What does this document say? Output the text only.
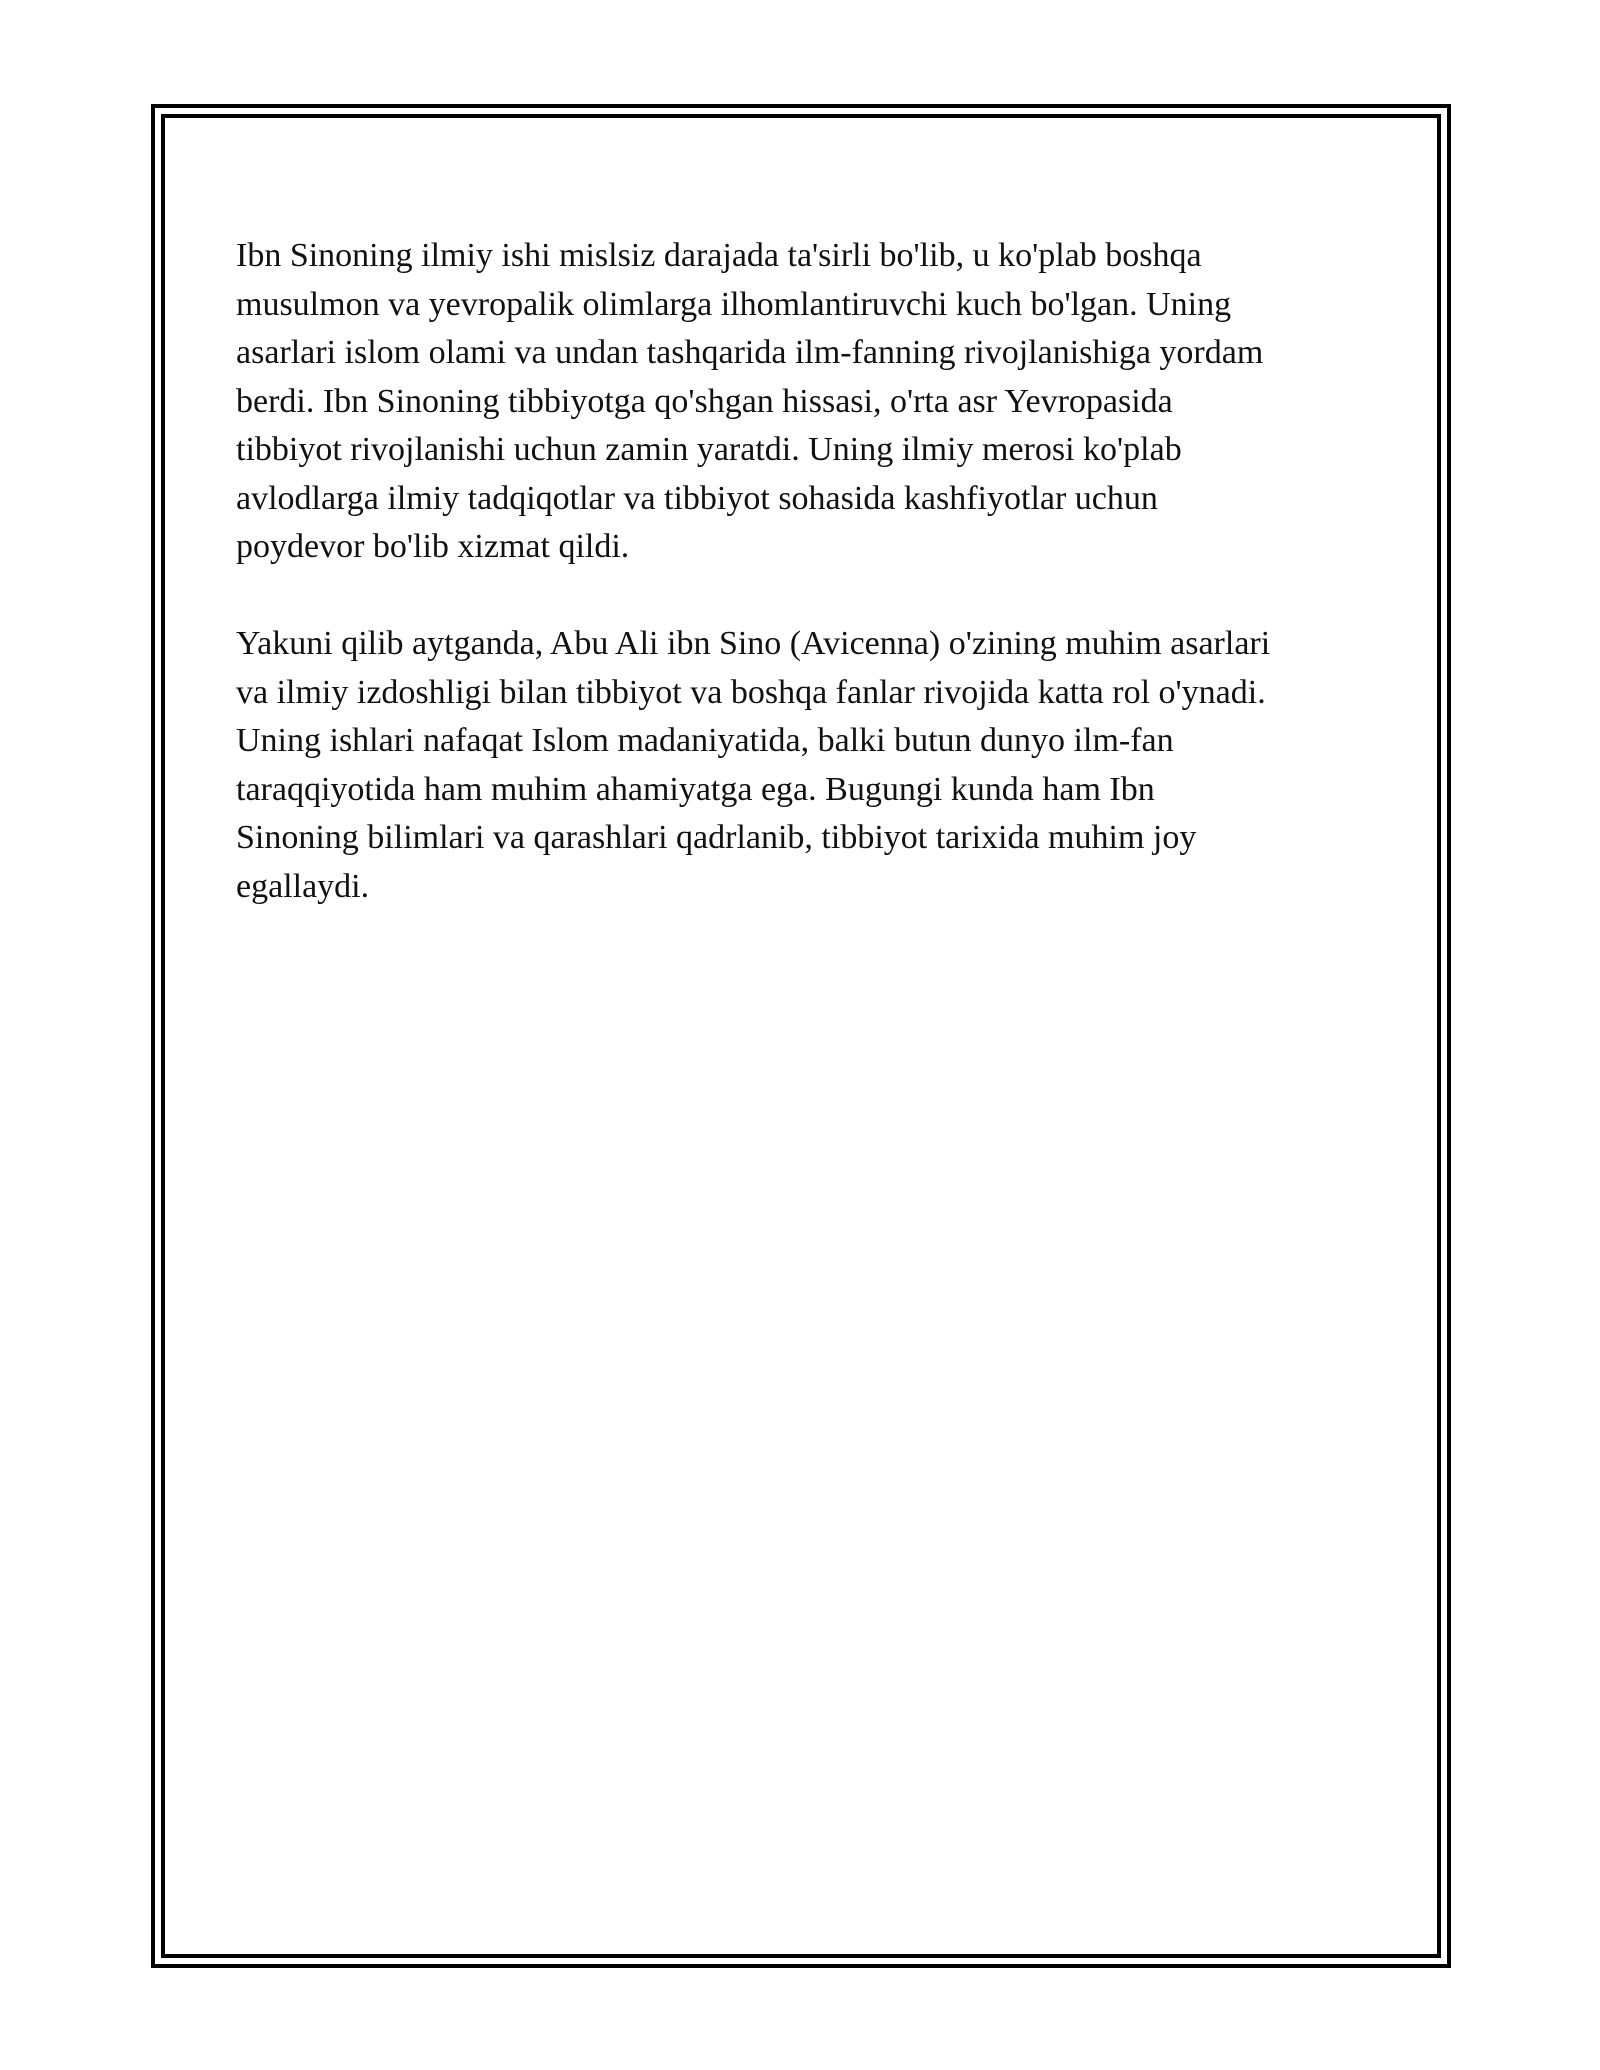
Ibn Sinoning ilmiy ishi mislsiz darajada ta'sirli bo'lib, u ko'plab boshqa
musulmon va yevropalik olimlarga ilhomlantiruvchi kuch bo'lgan. Uning
asarlari islom olami va undan tashqarida ilm-fanning rivojlanishiga yordam
berdi. Ibn Sinoning tibbiyotga qo'shgan hissasi, o'rta asr Yevropasida
tibbiyot rivojlanishi uchun zamin yaratdi. Uning ilmiy merosi ko'plab
avlodlarga ilmiy tadqiqotlar va tibbiyot sohasida kashfiyotlar uchun
poydevor bo'lib xizmat qildi.

Yakuni qilib aytganda, Abu Ali ibn Sino (Avicenna) o'zining muhim asarlari
va ilmiy izdoshligi bilan tibbiyot va boshqa fanlar rivojida katta rol o'ynadi.
Uning ishlari nafaqat Islom madaniyatida, balki butun dunyo ilm-fan
taraqqiyotida ham muhim ahamiyatga ega. Bugungi kunda ham Ibn
Sinoning bilimlari va qarashlari qadrlanib, tibbiyot tarixida muhim joy
egallaydi.
